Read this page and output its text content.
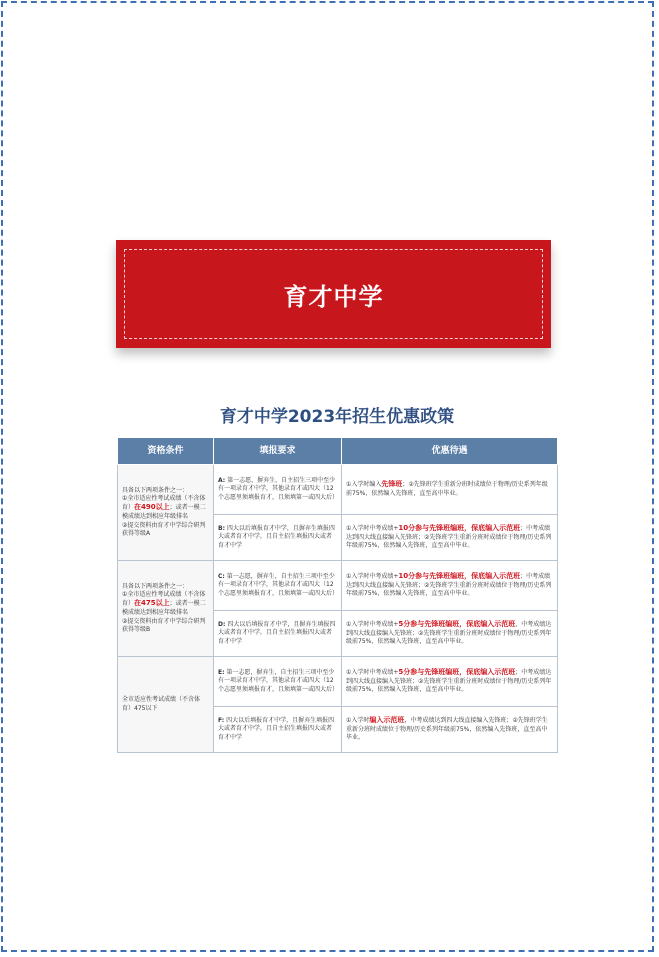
育才中学
育才中学2023年招生优惠政策
资格条件	填报要求	优惠待遇
具备以下两项条件之一：
①全市适应性考试成绩（不含体育）在490以上；或者一模二模成绩达到相应年级排名
②提交资料由育才中学综合研判获得等级A	A: 第一志愿，摒弃生，自主招生三项中至少有一项录育才中学，其他录育才或四大（12个志愿里须填报育才，且须填第一或四大后）	①入学时编入先锋班；②先锋班学生重新分班时成绩位于物理/历史系列年级前75%，依然编入先锋班，直至高中毕业。
	B: 四大以后填报育才中学，且摒弃生填报四大或者育才中学，且自主招生填报四大或者育才中学	①入学时中考成绩+10分参与先锋班编班，保底编入示范班；中考成绩达到四大线直接编入先锋班；②先锋班学生重新分班时成绩位于物理/历史系列年级前75%，依然编入先锋班，直至高中毕业。
具备以下两项条件之一：
①全市适应性考试成绩（不含体育）在475以上；或者一模二模成绩达到相应年级排名
②提交资料由育才中学综合研判获得等级B	C: 第一志愿，摒弃生，自主招生三项中至少有一项录育才中学，其他录育才或四大（12个志愿里须填报育才，且须填第一或四大后）	①入学时中考成绩+10分参与先锋班编班，保底编入示范班；中考成绩达到四大线直接编入先锋班；②先锋班学生重新分班时成绩位于物理/历史系列年级前75%，依然编入先锋班，直至高中毕业。
	D: 四大以后填报育才中学，且摒弃生填报四大或者育才中学，且自主招生填报四大或者育才中学	①入学时中考成绩+5分参与先锋班编班，保底编入示范班，中考成绩达到四大线直接编入先锋班；②先锋班学生重新分班时成绩位于物理/历史系列年级前75%，依然编入先锋班，直至高中毕业。
全市适应性考试成绩（不含体育）475以下	E: 第一志愿，摒弃生，自主招生三项中至少有一项录育才中学，其他录育才或四大（12个志愿里须填报育才，且须填第一或四大后）	①入学时中考成绩+5分参与先锋班编班，保底编入示范班；中考成绩达到四大线直接编入先锋班；②先锋班学生重新分班时成绩位于物理/历史系列年级前75%，依然编入先锋班，直至高中毕业。
	F: 四大以后填报育才中学，且摒弃生填报四大或者育才中学，且自主招生填报四大或者育才中学	①入学时编入示范班，中考成绩达到四大线直接编入先锋班；②先锋班学生重新分班时成绩位于物理/历史系列年级前75%，依然编入先锋班，直至高中毕业。
